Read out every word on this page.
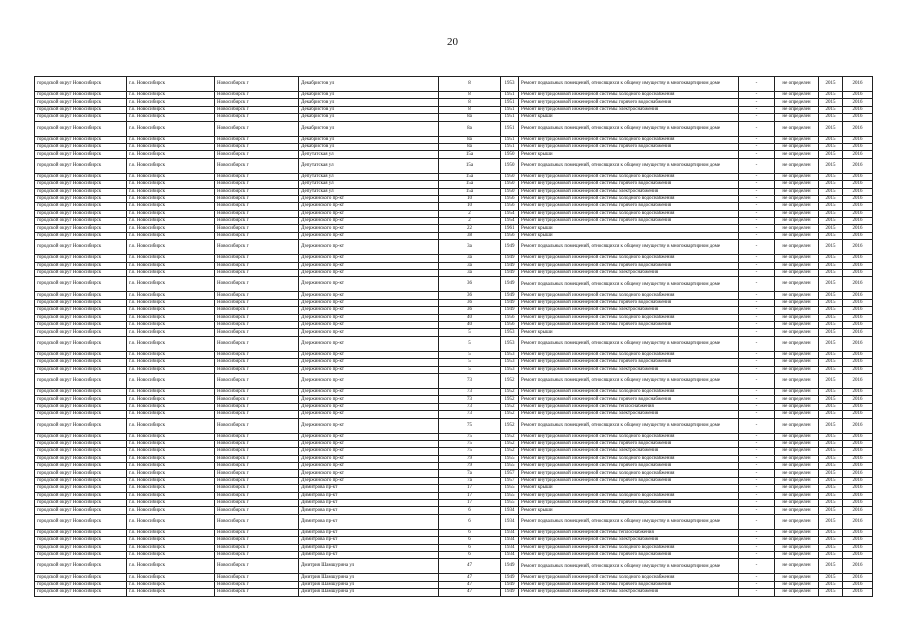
20
городской округ Новосибирск	г.о. Новосибирск	Новосибирск г	Декабристов ул	8	1953	Ремонт подвальных помещений, относящихся к общему имуществу в многоквартирном доме	-	не определен	2015	2016
городской округ Новосибирск	г.о. Новосибирск	Новосибирск г	Декабристов ул	8	1951	Ремонт внутридомовой инженерной системы холодного водоснабжения	-	не определен	2015	2016
городской округ Новосибирск	г.о. Новосибирск	Новосибирск г	Декабристов ул	8	1951	Ремонт внутридомовой инженерной системы горячего водоснабжения	-	не определен	2015	2016
городской округ Новосибирск	г.о. Новосибирск	Новосибирск г	Декабристов ул	8	1951	Ремонт внутридомовой инженерной системы электроснабжения	-	не определен	2015	2016
городской округ Новосибирск	г.о. Новосибирск	Новосибирск г	Декабристов ул	8а	1951	Ремонт крыши	-	не определен	2015	2016
городской округ Новосибирск	г.о. Новосибирск	Новосибирск г	Декабристов ул	8а	1951	Ремонт подвальных помещений, относящихся к общему имуществу в многоквартирном доме	-	не определен	2015	2016
городской округ Новосибирск	г.о. Новосибирск	Новосибирск г	Декабристов ул	8а	1951	Ремонт внутридомовой инженерной системы холодного водоснабжения	-	не определен	2015	2016
городской округ Новосибирск	г.о. Новосибирск	Новосибирск г	Декабристов ул	8а	1951	Ремонт внутридомовой инженерной системы горячего водоснабжения	-	не определен	2015	2016
городской округ Новосибирск	г.о. Новосибирск	Новосибирск г	Депутатская ул	15а	1950	Ремонт крыши	-	не определен	2015	2016
городской округ Новосибирск	г.о. Новосибирск	Новосибирск г	Депутатская ул	15а	1950	Ремонт подвальных помещений, относящихся к общему имуществу в многоквартирном доме	-	не определен	2015	2016
городской округ Новосибирск	г.о. Новосибирск	Новосибирск г	Депутатская ул	15а	1950	Ремонт внутридомовой инженерной системы холодного водоснабжения	-	не определен	2015	2016
городской округ Новосибирск	г.о. Новосибирск	Новосибирск г	Депутатская ул	15а	1950	Ремонт внутридомовой инженерной системы горячего водоснабжения	-	не определен	2015	2016
городской округ Новосибирск	г.о. Новосибирск	Новосибирск г	Депутатская ул	15а	1950	Ремонт внутридомовой инженерной системы электроснабжения	-	не определен	2015	2016
городской округ Новосибирск	г.о. Новосибирск	Новосибирск г	Дзержинского пр-кт	10	1956	Ремонт внутридомовой инженерной системы холодного водоснабжения	-	не определен	2015	2016
городской округ Новосибирск	г.о. Новосибирск	Новосибирск г	Дзержинского пр-кт	10	1956	Ремонт внутридомовой инженерной системы горячего водоснабжения	-	не определен	2015	2016
городской округ Новосибирск	г.о. Новосибирск	Новосибирск г	Дзержинского пр-кт	2	1954	Ремонт внутридомовой инженерной системы холодного водоснабжения	-	не определен	2015	2016
городской округ Новосибирск	г.о. Новосибирск	Новосибирск г	Дзержинского пр-кт	2	1954	Ремонт внутридомовой инженерной системы горячего водоснабжения	-	не определен	2015	2016
городской округ Новосибирск	г.о. Новосибирск	Новосибирск г	Дзержинского пр-кт	22	1961	Ремонт крыши	-	не определен	2015	2016
городской округ Новосибирск	г.о. Новосибирск	Новосибирск г	Дзержинского пр-кт	38	1956	Ремонт крыши	-	не определен	2015	2016
городской округ Новосибирск	г.о. Новосибирск	Новосибирск г	Дзержинского пр-кт	3а	1949	Ремонт подвальных помещений, относящихся к общему имуществу в многоквартирном доме	-	не определен	2015	2016
городской округ Новосибирск	г.о. Новосибирск	Новосибирск г	Дзержинского пр-кт	3а	1949	Ремонт внутридомовой инженерной системы холодного водоснабжения	-	не определен	2015	2016
городской округ Новосибирск	г.о. Новосибирск	Новосибирск г	Дзержинского пр-кт	3а	1949	Ремонт внутридомовой инженерной системы горячего водоснабжения	-	не определен	2015	2016
городской округ Новосибирск	г.о. Новосибирск	Новосибирск г	Дзержинского пр-кт	3а	1949	Ремонт внутридомовой инженерной системы электроснабжения	-	не определен	2015	2016
городской округ Новосибирск	г.о. Новосибирск	Новосибирск г	Дзержинского пр-кт	36	1949	Ремонт подвальных помещений, относящихся к общему имуществу в многоквартирном доме	-	не определен	2015	2016
городской округ Новосибирск	г.о. Новосибирск	Новосибирск г	Дзержинского пр-кт	36	1949	Ремонт внутридомовой инженерной системы холодного водоснабжения	-	не определен	2015	2016
городской округ Новосибирск	г.о. Новосибирск	Новосибирск г	Дзержинского пр-кт	36	1949	Ремонт внутридомовой инженерной системы горячего водоснабжения	-	не определен	2015	2016
городской округ Новосибирск	г.о. Новосибирск	Новосибирск г	Дзержинского пр-кт	36	1949	Ремонт внутридомовой инженерной системы электроснабжения	-	не определен	2015	2016
городской округ Новосибирск	г.о. Новосибирск	Новосибирск г	Дзержинского пр-кт	40	1956	Ремонт внутридомовой инженерной системы холодного водоснабжения	-	не определен	2015	2016
городской округ Новосибирск	г.о. Новосибирск	Новосибирск г	Дзержинского пр-кт	40	1956	Ремонт внутридомовой инженерной системы горячего водоснабжения	-	не определен	2015	2016
городской округ Новосибирск	г.о. Новосибирск	Новосибирск г	Дзержинского пр-кт	5	1953	Ремонт крыши	-	не определен	2015	2016
городской округ Новосибирск	г.о. Новосибирск	Новосибирск г	Дзержинского пр-кт	5	1953	Ремонт подвальных помещений, относящихся к общему имуществу в многоквартирном доме	-	не определен	2015	2016
городской округ Новосибирск	г.о. Новосибирск	Новосибирск г	Дзержинского пр-кт	5	1953	Ремонт внутридомовой инженерной системы холодного водоснабжения	-	не определен	2015	2016
городской округ Новосибирск	г.о. Новосибирск	Новосибирск г	Дзержинского пр-кт	5	1953	Ремонт внутридомовой инженерной системы горячего водоснабжения	-	не определен	2015	2016
городской округ Новосибирск	г.о. Новосибирск	Новосибирск г	Дзержинского пр-кт	5	1953	Ремонт внутридомовой инженерной системы электроснабжения	-	не определен	2015	2016
городской округ Новосибирск	г.о. Новосибирск	Новосибирск г	Дзержинского пр-кт	73	1952	Ремонт подвальных помещений, относящихся к общему имуществу в многоквартирном доме	-	не определен	2015	2016
городской округ Новосибирск	г.о. Новосибирск	Новосибирск г	Дзержинского пр-кт	73	1952	Ремонт внутридомовой инженерной системы холодного водоснабжения	-	не определен	2015	2016
городской округ Новосибирск	г.о. Новосибирск	Новосибирск г	Дзержинского пр-кт	73	1952	Ремонт внутридомовой инженерной системы горячего водоснабжения	-	не определен	2015	2016
городской округ Новосибирск	г.о. Новосибирск	Новосибирск г	Дзержинского пр-кт	73	1952	Ремонт внутридомовой инженерной системы теплоснабжения	-	не определен	2015	2016
городской округ Новосибирск	г.о. Новосибирск	Новосибирск г	Дзержинского пр-кт	73	1952	Ремонт внутридомовой инженерной системы электроснабжения	-	не определен	2015	2016
городской округ Новосибирск	г.о. Новосибирск	Новосибирск г	Дзержинского пр-кт	75	1952	Ремонт подвальных помещений, относящихся к общему имуществу в многоквартирном доме	-	не определен	2015	2016
городской округ Новосибирск	г.о. Новосибирск	Новосибирск г	Дзержинского пр-кт	75	1952	Ремонт внутридомовой инженерной системы холодного водоснабжения	-	не определен	2015	2016
городской округ Новосибирск	г.о. Новосибирск	Новосибирск г	Дзержинского пр-кт	75	1952	Ремонт внутридомовой инженерной системы горячего водоснабжения	-	не определен	2015	2016
городской округ Новосибирск	г.о. Новосибирск	Новосибирск г	Дзержинского пр-кт	75	1952	Ремонт внутридомовой инженерной системы электроснабжения	-	не определен	2015	2016
городской округ Новосибирск	г.о. Новосибирск	Новосибирск г	Дзержинского пр-кт	79	1955	Ремонт внутридомовой инженерной системы холодного водоснабжения	-	не определен	2015	2016
городской округ Новосибирск	г.о. Новосибирск	Новосибирск г	Дзержинского пр-кт	79	1955	Ремонт внутридомовой инженерной системы горячего водоснабжения	-	не определен	2015	2016
городской округ Новосибирск	г.о. Новосибирск	Новосибирск г	Дзержинского пр-кт	7а	1957	Ремонт внутридомовой инженерной системы холодного водоснабжения	-	не определен	2015	2016
городской округ Новосибирск	г.о. Новосибирск	Новосибирск г	Дзержинского пр-кт	7а	1957	Ремонт внутридомовой инженерной системы горячего водоснабжения	-	не определен	2015	2016
городской округ Новосибирск	г.о. Новосибирск	Новосибирск г	Димитрова пр-кт	17	1955	Ремонт крыши	-	не определен	2015	2016
городской округ Новосибирск	г.о. Новосибирск	Новосибирск г	Димитрова пр-кт	17	1955	Ремонт внутридомовой инженерной системы холодного водоснабжения	-	не определен	2015	2016
городской округ Новосибирск	г.о. Новосибирск	Новосибирск г	Димитрова пр-кт	17	1955	Ремонт внутридомовой инженерной системы горячего водоснабжения	-	не определен	2015	2016
городской округ Новосибирск	г.о. Новосибирск	Новосибирск г	Димитрова пр-кт	6	1934	Ремонт крыши	-	не определен	2015	2016
городской округ Новосибирск	г.о. Новосибирск	Новосибирск г	Димитрова пр-кт	6	1934	Ремонт подвальных помещений, относящихся к общему имуществу в многоквартирном доме	-	не определен	2015	2016
городской округ Новосибирск	г.о. Новосибирск	Новосибирск г	Димитрова пр-кт	6	1934	Ремонт внутридомовой инженерной системы теплоснабжения	-	не определен	2015	2016
городской округ Новосибирск	г.о. Новосибирск	Новосибирск г	Димитрова пр-кт	6	1934	Ремонт внутридомовой инженерной системы электроснабжения	-	не определен	2015	2016
городской округ Новосибирск	г.о. Новосибирск	Новосибирск г	Димитрова пр-кт	6	1934	Ремонт внутридомовой инженерной системы холодного водоснабжения	-	не определен	2015	2016
городской округ Новосибирск	г.о. Новосибирск	Новосибирск г	Димитрова пр-кт	6	1934	Ремонт внутридомовой инженерной системы горячего водоснабжения	-	не определен	2015	2016
городской округ Новосибирск	г.о. Новосибирск	Новосибирск г	Дмитрия Шамшурина ул	47	1949	Ремонт подвальных помещений, относящихся к общему имуществу в многоквартирном доме	-	не определен	2015	2016
городской округ Новосибирск	г.о. Новосибирск	Новосибирск г	Дмитрия Шамшурина ул	47	1949	Ремонт внутридомовой инженерной системы холодного водоснабжения	-	не определен	2015	2016
городской округ Новосибирск	г.о. Новосибирск	Новосибирск г	Дмитрия Шамшурина ул	47	1949	Ремонт внутридомовой инженерной системы горячего водоснабжения	-	не определен	2015	2016
городской округ Новосибирск	г.о. Новосибирск	Новосибирск г	Дмитрия Шамшурина ул	47	1949	Ремонт внутридомовой инженерной системы электроснабжения	-	не определен	2015	2016
